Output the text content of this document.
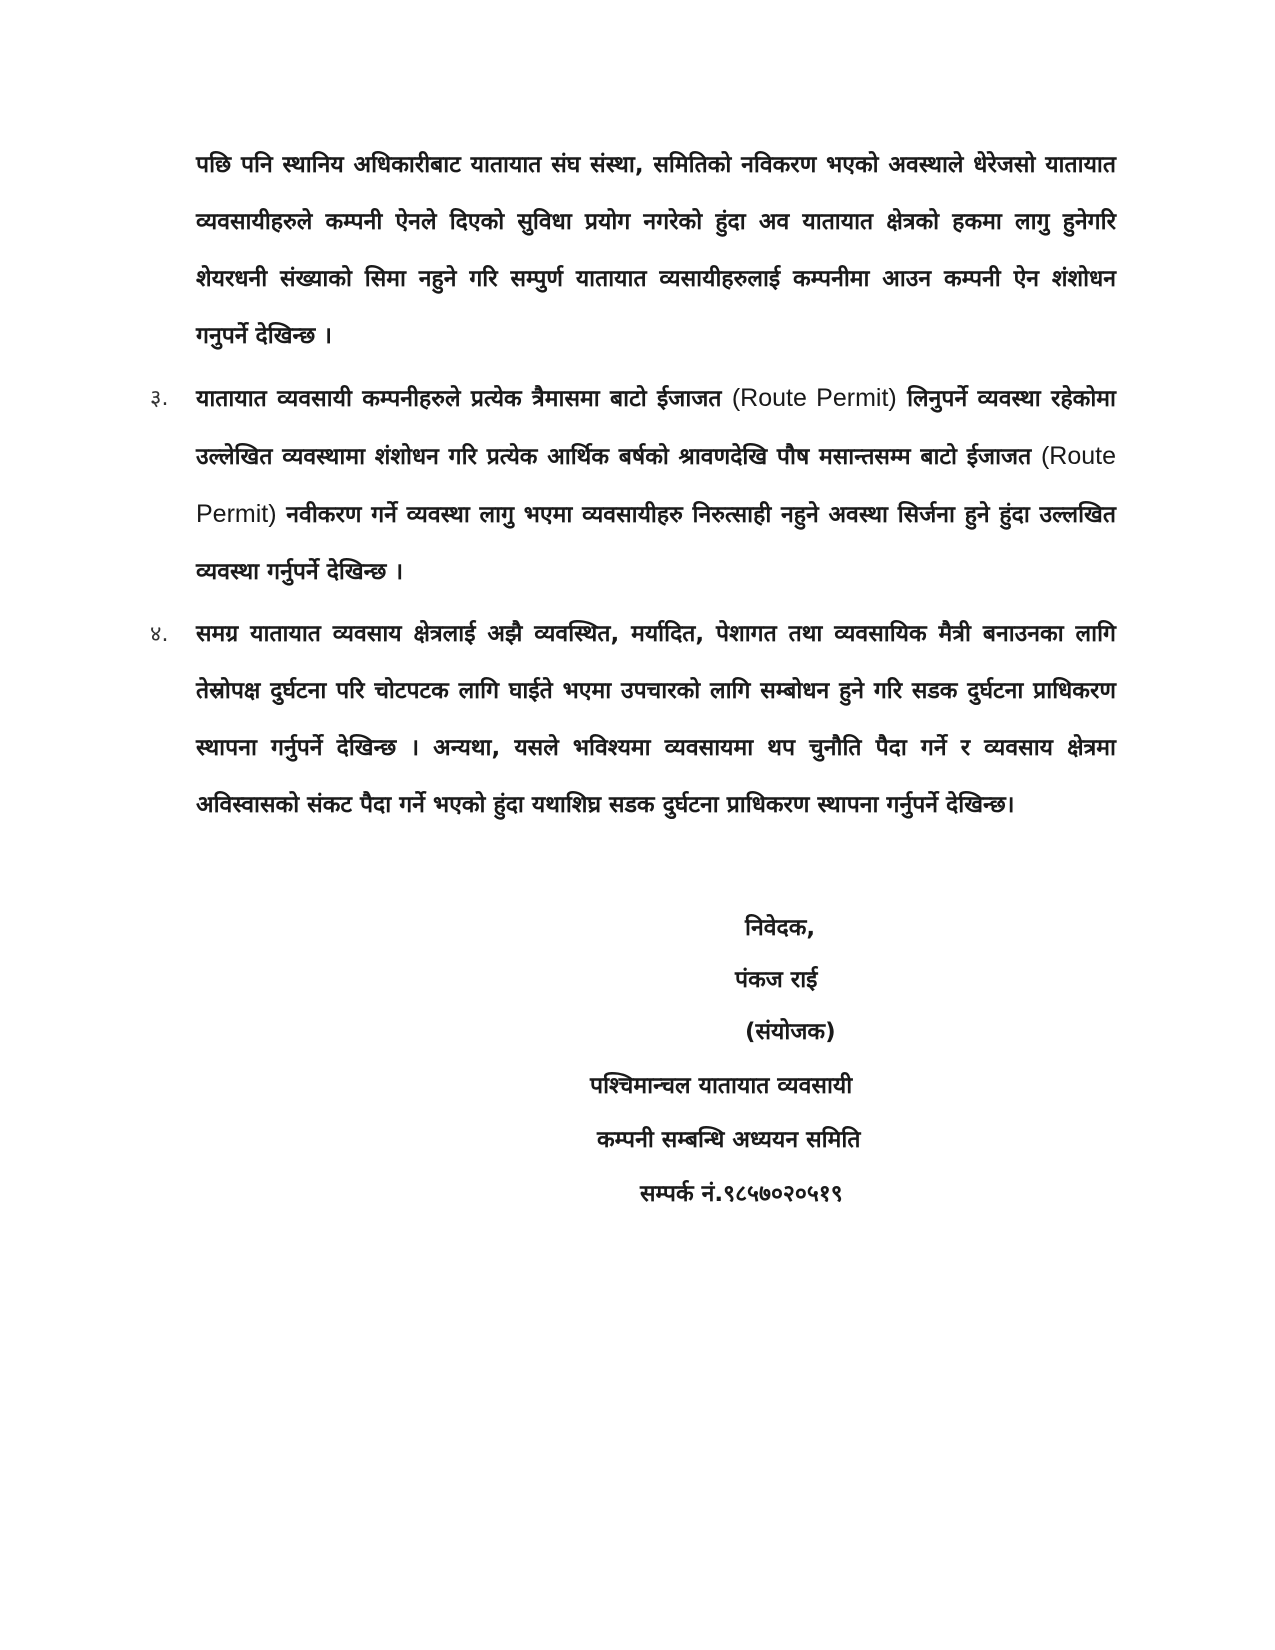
पछि पनि स्थानिय अधिकारीबाट यातायात संघ संस्था, समितिको नविकरण भएको अवस्थाले धेरेजसो यातायात व्यवसायीहरुले कम्पनी ऐनले दिएको सुविधा प्रयोग नगरेको हुंदा अव यातायात क्षेत्रको हकमा लागु हुनेगरि शेयरधनी संख्याको सिमा नहुने गरि सम्पुर्ण यातायात व्यसायीहरुलाई कम्पनीमा आउन कम्पनी ऐन शंशोधन गनुपर्ने देखिन्छ ।
३. यातायात व्यवसायी कम्पनीहरुले प्रत्येक त्रैमासमा बाटो ईजाजत (Route Permit) लिनुपर्ने व्यवस्था रहेकोमा उल्लेखित व्यवस्थामा शंशोधन गरि प्रत्येक आर्थिक बर्षको श्रावणदेखि पौष मसान्तसम्म बाटो ईजाजत (Route Permit) नवीकरण गर्ने व्यवस्था लागु भएमा व्यवसायीहरु निरुत्साही नहुने अवस्था सिर्जना हुने हुंदा उल्लखित व्यवस्था गर्नुपर्ने देखिन्छ ।
४. समग्र यातायात व्यवसाय क्षेत्रलाई अझै व्यवस्थित, मर्यादित, पेशागत तथा व्यवसायिक मैत्री बनाउनका लागि तेस्रोपक्ष दुर्घटना परि चोटपटक लागि घाईते भएमा उपचारको लागि सम्बोधन हुने गरि सडक दुर्घटना प्राधिकरण स्थापना गर्नुपर्ने देखिन्छ । अन्यथा, यसले भविश्यमा व्यवसायमा थप चुनौति पैदा गर्ने र व्यवसाय क्षेत्रमा अविस्वासको संकट पैदा गर्ने भएको हुंदा यथाशिघ्र सडक दुर्घटना प्राधिकरण स्थापना गर्नुपर्ने देखिन्छ।
निवेदक,
पंकज राई
(संयोजक)
पश्चिमान्चल यातायात व्यवसायी
कम्पनी सम्बन्धि अध्ययन समिति
सम्पर्क नं.९८५७०२०५१९
